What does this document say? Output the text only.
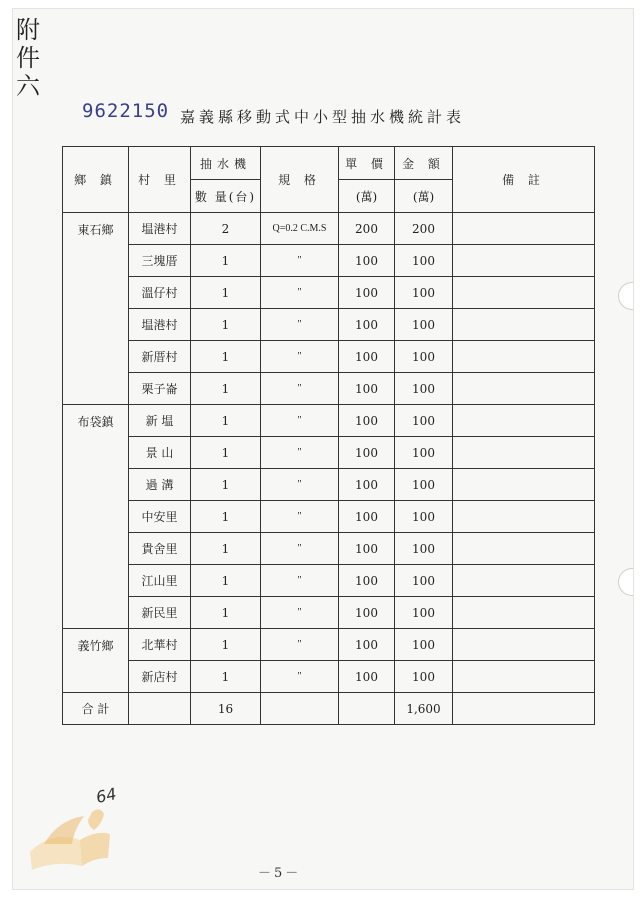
附件六
9622150 嘉義縣移動式中小型抽水機統計表
鄉 鎮	村 里	抽水機	規 格	單 價	金 額	備 註
		數 量(台)		(萬)	(萬)	
東石鄉	塭港村	2	Q=0.2 C.M.S	200	200	
	三塊厝	1	"	100	100	
	溫仔村	1	"	100	100	
	塭港村	1	"	100	100	
	新厝村	1	"	100	100	
	栗子崙	1	"	100	100	
布袋鎮	新 塭	1	"	100	100	
	景 山	1	"	100	100	
	過 溝	1	"	100	100	
	中安里	1	"	100	100	
	貴舍里	1	"	100	100	
	江山里	1	"	100	100	
	新民里	1	"	100	100	
義竹鄉	北華村	1	"	100	100	
	新店村	1	"	100	100	
合 計		16			1,600	
64
－5－
